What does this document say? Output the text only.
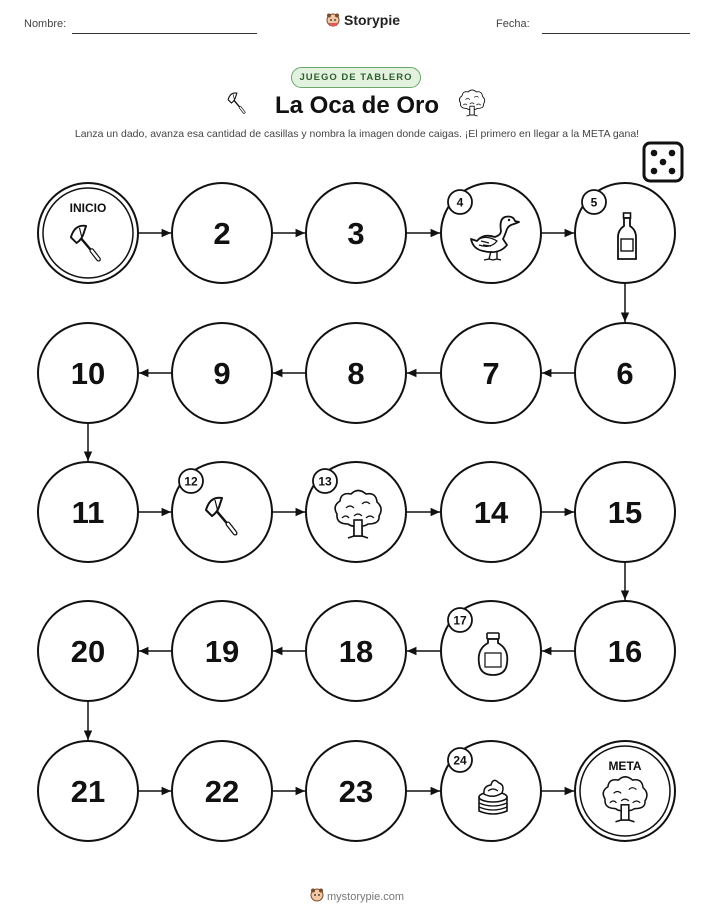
Nombre:	Storypie	Fecha:
JUEGO DE TABLERO
La Oca de Oro
Lanza un dado, avanza esa cantidad de casillas y nombra la imagen donde caigas. ¡El primero en llegar a la META gana!
INICIO
2	3
4	5
10	9	8	7	6
11
12	13
14	15
20	19	18
17
16
21	22	23
24	META
mystorypie.com
